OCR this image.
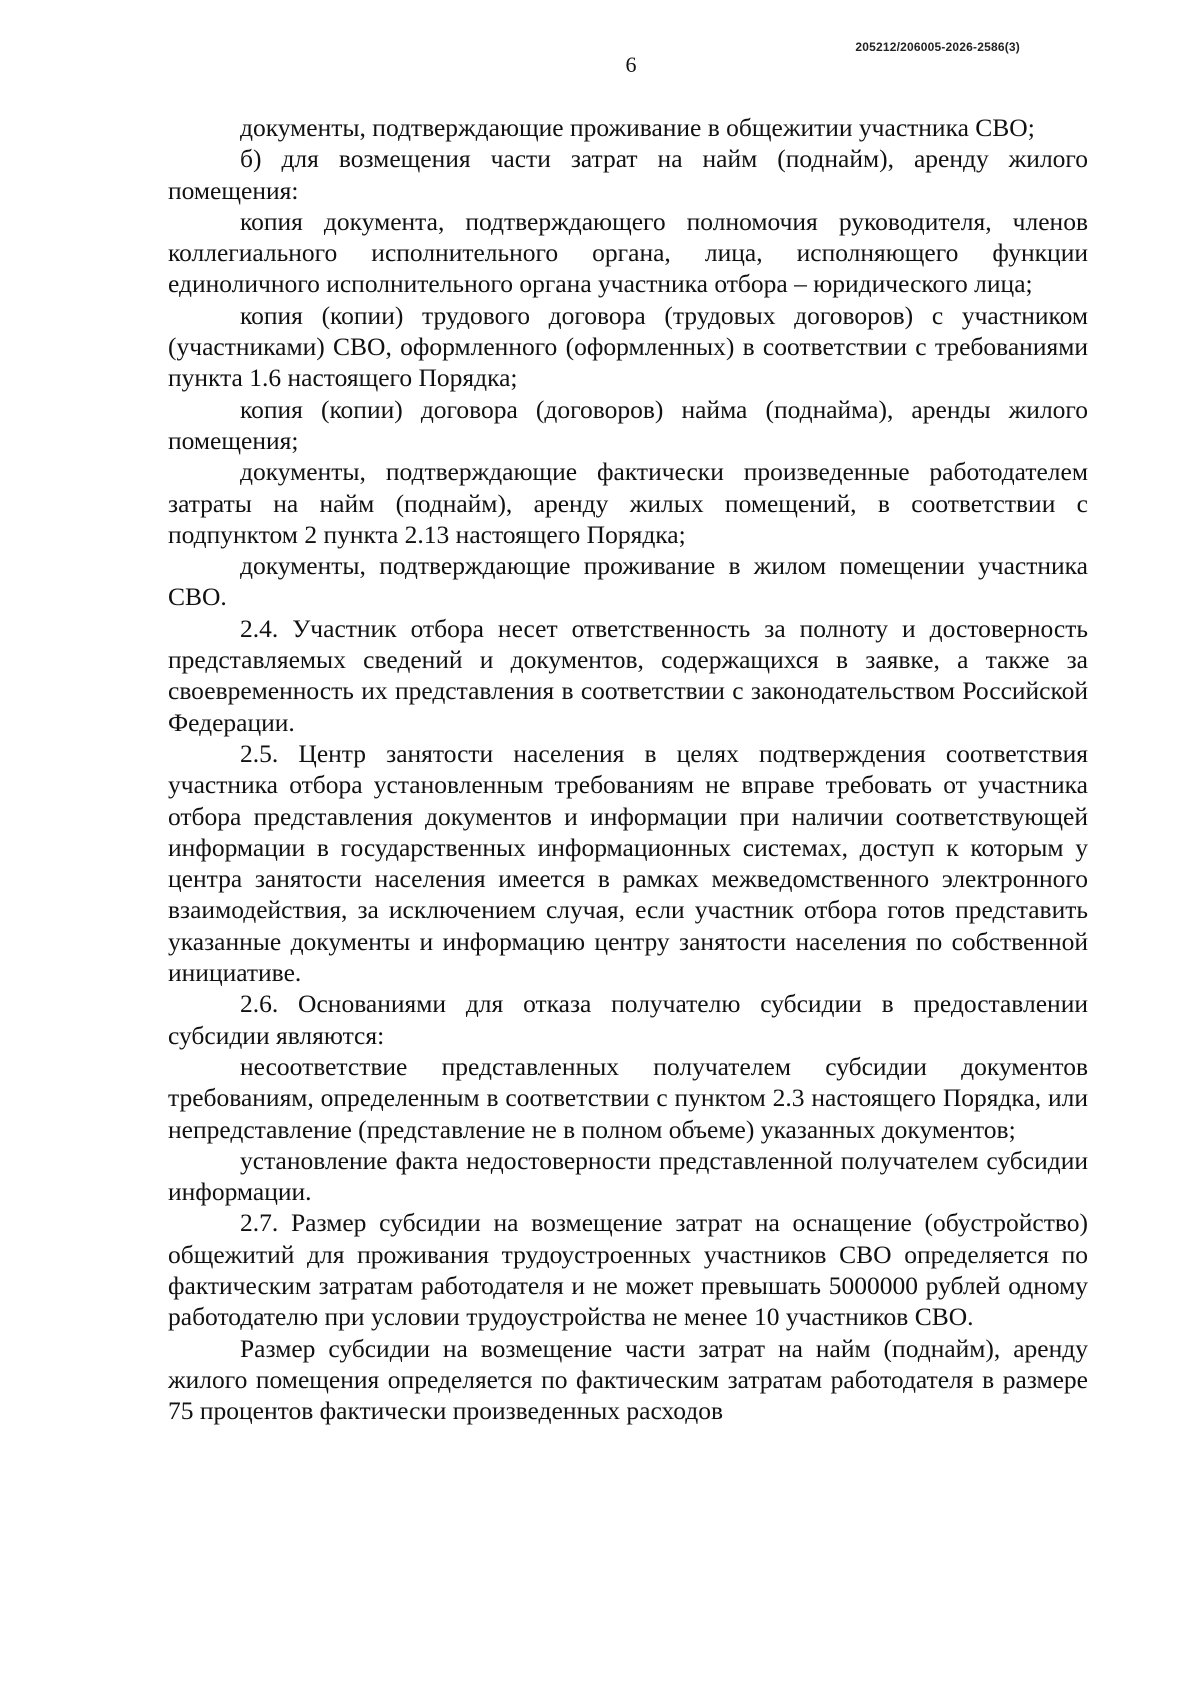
205212/206005-2026-2586(3)
6

документы, подтверждающие проживание в общежитии участника СВО;

б) для возмещения части затрат на найм (поднайм), аренду жилого помещения:

копия документа, подтверждающего полномочия руководителя, членов коллегиального исполнительного органа, лица, исполняющего функции единоличного исполнительного органа участника отбора – юридического лица;

копия (копии) трудового договора (трудовых договоров) с участником (участниками) СВО, оформленного (оформленных) в соответствии с требованиями пункта 1.6 настоящего Порядка;

копия (копии) договора (договоров) найма (поднайма), аренды жилого помещения;

документы, подтверждающие фактически произведенные работодателем затраты на найм (поднайм), аренду жилых помещений, в соответствии с подпунктом 2 пункта 2.13 настоящего Порядка;

документы, подтверждающие проживание в жилом помещении участника СВО.

2.4. Участник отбора несет ответственность за полноту и достоверность представляемых сведений и документов, содержащихся в заявке, а также за своевременность их представления в соответствии с законодательством Российской Федерации.

2.5. Центр занятости населения в целях подтверждения соответствия участника отбора установленным требованиям не вправе требовать от участника отбора представления документов и информации при наличии соответствующей информации в государственных информационных системах, доступ к которым у центра занятости населения имеется в рамках межведомственного электронного взаимодействия, за исключением случая, если участник отбора готов представить указанные документы и информацию центру занятости населения по собственной инициативе.

2.6. Основаниями для отказа получателю субсидии в предоставлении субсидии являются:

несоответствие представленных получателем субсидии документов требованиям, определенным в соответствии с пунктом 2.3 настоящего Порядка, или непредставление (представление не в полном объеме) указанных документов;

установление факта недостоверности представленной получателем субсидии информации.

2.7. Размер субсидии на возмещение затрат на оснащение (обустройство) общежитий для проживания трудоустроенных участников СВО определяется по фактическим затратам работодателя и не может превышать 5000000 рублей одному работодателю при условии трудоустройства не менее 10 участников СВО.

Размер субсидии на возмещение части затрат на найм (поднайм), аренду жилого помещения определяется по фактическим затратам работодателя в размере 75 процентов фактически произведенных расходов
